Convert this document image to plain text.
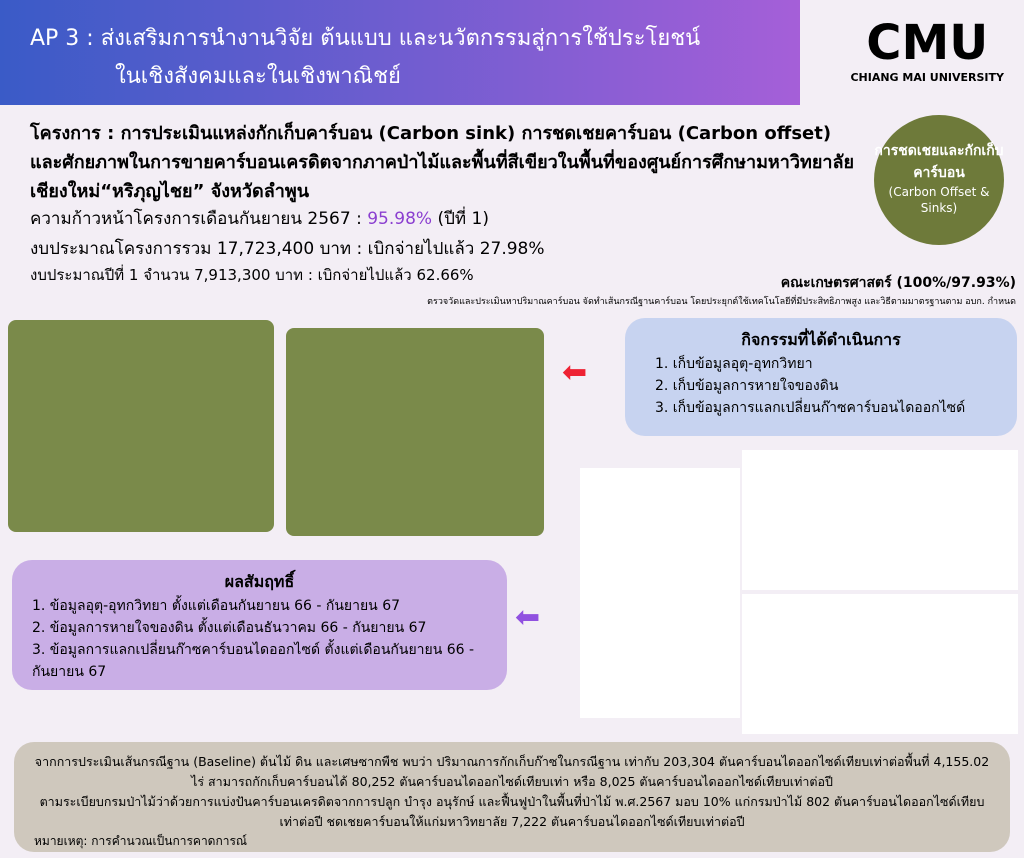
AP 3 : ส่งเสริมการนำงานวิจัย ต้นแบบ และนวัตกรรมสู่การใช้ประโยชน์
ในเชิงสังคมและในเชิงพาณิชย์
CMU
CHIANG MAI UNIVERSITY
โครงการ : การประเมินแหล่งกักเก็บคาร์บอน (Carbon sink) การชดเชยคาร์บอน (Carbon offset) และศักยภาพในการขายคาร์บอนเครดิตจากภาคป่าไม้และพื้นที่สีเขียวในพื้นที่ของศูนย์การศึกษามหาวิทยาลัยเชียงใหม่“หริภุญไชย” จังหวัดลำพูน
ความก้าวหน้าโครงการเดือนกันยายน 2567 : 95.98% (ปีที่ 1)
งบประมาณโครงการรวม 17,723,400 บาท : เบิกจ่ายไปแล้ว 27.98%
งบประมาณปีที่ 1 จำนวน 7,913,300 บาท : เบิกจ่ายไปแล้ว 62.66%
การชดเชยและกักเก็บคาร์บอน
(Carbon Offset & Sinks)
คณะเกษตรศาสตร์ (100%/97.93%)
ตรวจวัดและประเมินหาปริมาณคาร์บอน จัดทำเส้นกรณีฐานคาร์บอน โดยประยุกต์ใช้เทคโนโลยีที่มีประสิทธิภาพสูง และวิธีตามมาตรฐานตาม อบก. กำหนด
กิจกรรมที่ได้ดำเนินการ
1. เก็บข้อมูลอุตุ-อุทกวิทยา
2. เก็บข้อมูลการหายใจของดิน
3. เก็บข้อมูลการแลกเปลี่ยนก๊าซคาร์บอนไดออกไซด์
⬅
ผลสัมฤทธิ์
1. ข้อมูลอุตุ-อุทกวิทยา ตั้งแต่เดือนกันยายน 66 - กันยายน 67
2. ข้อมูลการหายใจของดิน ตั้งแต่เดือนธันวาคม 66 - กันยายน 67
3. ข้อมูลการแลกเปลี่ยนก๊าซคาร์บอนไดออกไซด์ ตั้งแต่เดือนกันยายน 66 - กันยายน 67
⬅
จากการประเมินเส้นกรณีฐาน (Baseline) ต้นไม้ ดิน และเศษซากพืช พบว่า ปริมาณการกักเก็บก๊าซในกรณีฐาน เท่ากับ 203,304 ตันคาร์บอนไดออกไซด์เทียบเท่าต่อพื้นที่ 4,155.02 ไร่ สามารถกักเก็บคาร์บอนได้ 80,252 ตันคาร์บอนไดออกไซด์เทียบเท่า หรือ 8,025 ตันคาร์บอนไดออกไซด์เทียบเท่าต่อปี
ตามระเบียบกรมป่าไม้ว่าด้วยการแบ่งปันคาร์บอนเครดิตจากการปลูก บำรุง อนุรักษ์ และฟื้นฟูป่าในพื้นที่ป่าไม้ พ.ศ.2567 มอบ 10% แก่กรมป่าไม้ 802 ตันคาร์บอนไดออกไซด์เทียบเท่าต่อปี ชดเชยคาร์บอนให้แก่มหาวิทยาลัย 7,222 ตันคาร์บอนไดออกไซด์เทียบเท่าต่อปี
หมายเหตุ: การคำนวณเป็นการคาดการณ์
